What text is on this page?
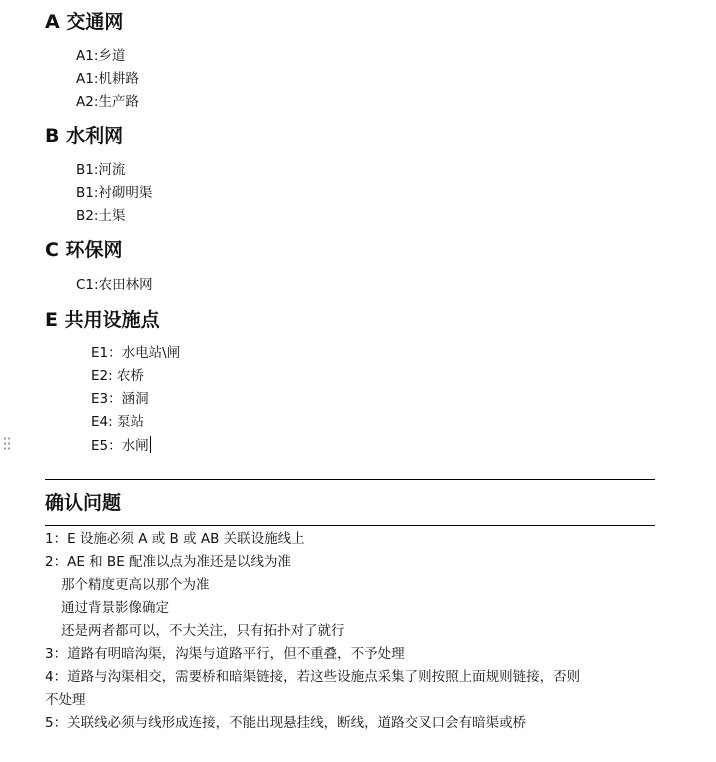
A 交通网
A1:乡道
A1:机耕路
A2:生产路
B 水利网
B1:河流
B1:衬砌明渠
B2:土渠
C 环保网
C1:农田林网
E 共用设施点
E1：水电站\闸
E2: 农桥
E3：涵洞
E4: 泵站
E5：水闸
确认问题
1：E 设施必须 A 或 B 或 AB 关联设施线上
2：AE 和 BE 配准以点为准还是以线为准
那个精度更高以那个为准
通过背景影像确定
还是两者都可以，不大关注，只有拓扑对了就行
3：道路有明暗沟渠，沟渠与道路平行，但不重叠，不予处理
4：道路与沟渠相交，需要桥和暗渠链接，若这些设施点采集了则按照上面规则链接，否则
不处理
5：关联线必须与线形成连接，不能出现悬挂线，断线，道路交叉口会有暗渠或桥
